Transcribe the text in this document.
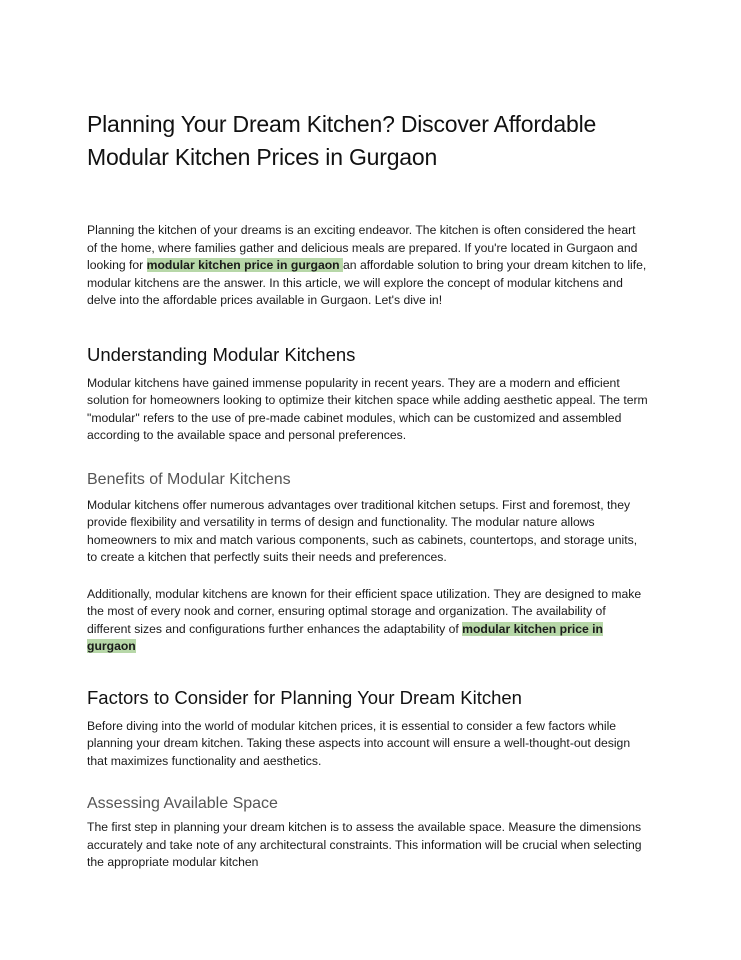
Planning Your Dream Kitchen? Discover Affordable Modular Kitchen Prices in Gurgaon

Planning the kitchen of your dreams is an exciting endeavor. The kitchen is often considered the heart of the home, where families gather and delicious meals are prepared. If you're located in Gurgaon and looking for modular kitchen price in gurgaon an affordable solution to bring your dream kitchen to life, modular kitchens are the answer. In this article, we will explore the concept of modular kitchens and delve into the affordable prices available in Gurgaon. Let's dive in!

Understanding Modular Kitchens

Modular kitchens have gained immense popularity in recent years. They are a modern and efficient solution for homeowners looking to optimize their kitchen space while adding aesthetic appeal. The term "modular" refers to the use of pre-made cabinet modules, which can be customized and assembled according to the available space and personal preferences.

Benefits of Modular Kitchens

Modular kitchens offer numerous advantages over traditional kitchen setups. First and foremost, they provide flexibility and versatility in terms of design and functionality. The modular nature allows homeowners to mix and match various components, such as cabinets, countertops, and storage units, to create a kitchen that perfectly suits their needs and preferences.

Additionally, modular kitchens are known for their efficient space utilization. They are designed to make the most of every nook and corner, ensuring optimal storage and organization. The availability of different sizes and configurations further enhances the adaptability of modular kitchen price in gurgaon

Factors to Consider for Planning Your Dream Kitchen

Before diving into the world of modular kitchen prices, it is essential to consider a few factors while planning your dream kitchen. Taking these aspects into account will ensure a well-thought-out design that maximizes functionality and aesthetics.

Assessing Available Space

The first step in planning your dream kitchen is to assess the available space. Measure the dimensions accurately and take note of any architectural constraints. This information will be crucial when selecting the appropriate modular kitchen
